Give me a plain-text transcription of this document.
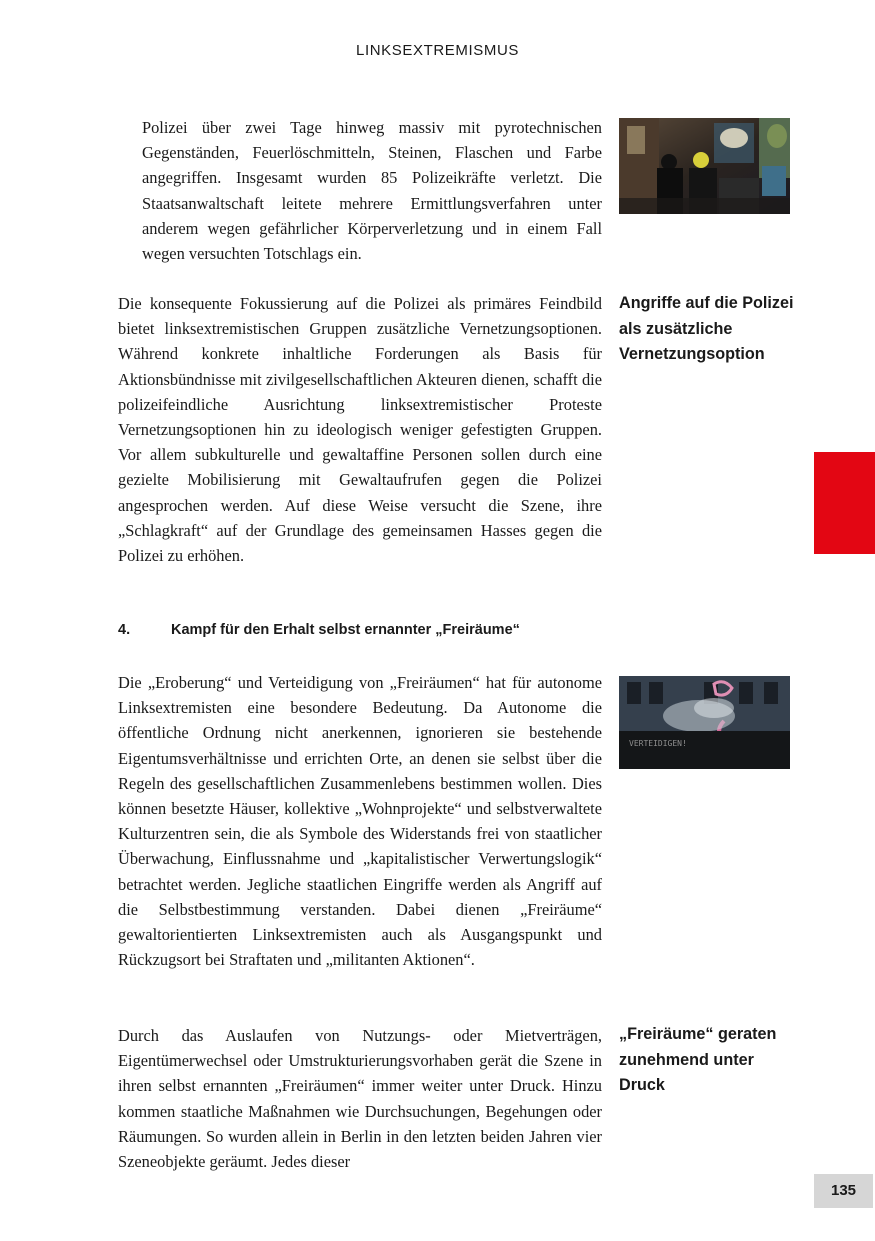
LINKSEXTREMISMUS

Polizei über zwei Tage hinweg massiv mit pyrotechnischen Gegenständen, Feuerlöschmitteln, Steinen, Flaschen und Farbe angegriffen. Insgesamt wurden 85 Polizeikräfte verletzt. Die Staatsanwaltschaft leitete mehrere Ermittlungsverfahren unter anderem wegen gefährlicher Körperverletzung und in einem Fall wegen versuchten Totschlags ein.

Die konsequente Fokussierung auf die Polizei als primäres Feindbild bietet linksextremistischen Gruppen zusätzliche Vernetzungsoptionen. Während konkrete inhaltliche Forderungen als Basis für Aktionsbündnisse mit zivilgesellschaftlichen Akteuren dienen, schafft die polizeifeindliche Ausrichtung linksextremistischer Proteste Vernetzungsoptionen hin zu ideologisch weniger gefestigten Gruppen. Vor allem subkulturelle und gewaltaffine Personen sollen durch eine gezielte Mobilisierung mit Gewaltaufrufen gegen die Polizei angesprochen werden. Auf diese Weise versucht die Szene, ihre „Schlagkraft“ auf der Grundlage des gemeinsamen Hasses gegen die Polizei zu erhöhen.

Angriffe auf die Polizei als zusätzliche Vernetzungsoption
4.	Kampf für den Erhalt selbst ernannter „Freiräume“

Die „Eroberung“ und Verteidigung von „Freiräumen“ hat für autonome Linksextremisten eine besondere Bedeutung. Da Autonome die öffentliche Ordnung nicht anerkennen, ignorieren sie bestehende Eigentumsverhältnisse und errichten Orte, an denen sie selbst über die Regeln des gesellschaftlichen Zusammenlebens bestimmen wollen. Dies können besetzte Häuser, kollektive „Wohnprojekte“ und selbstverwaltete Kulturzentren sein, die als Symbole des Widerstands frei von staatlicher Überwachung, Einflussnahme und „kapitalistischer Verwertungslogik“ betrachtet werden. Jegliche staatlichen Eingriffe werden als Angriff auf die Selbstbestimmung verstanden. Dabei dienen „Freiräume“ gewaltorientierten Linksextremisten auch als Ausgangspunkt und Rückzugsort bei Straftaten und „militanten Aktionen“.

VERTEIDIGEN!

Durch das Auslaufen von Nutzungs- oder Mietverträgen, Eigentümerwechsel oder Umstrukturierungsvorhaben gerät die Szene in ihren selbst ernannten „Freiräumen“ immer weiter unter Druck. Hinzu kommen staatliche Maßnahmen wie Durchsuchungen, Begehungen oder Räumungen. So wurden allein in Berlin in den letzten beiden Jahren vier Szeneobjekte geräumt. Jedes dieser

„Freiräume“ geraten zunehmend unter Druck
135
